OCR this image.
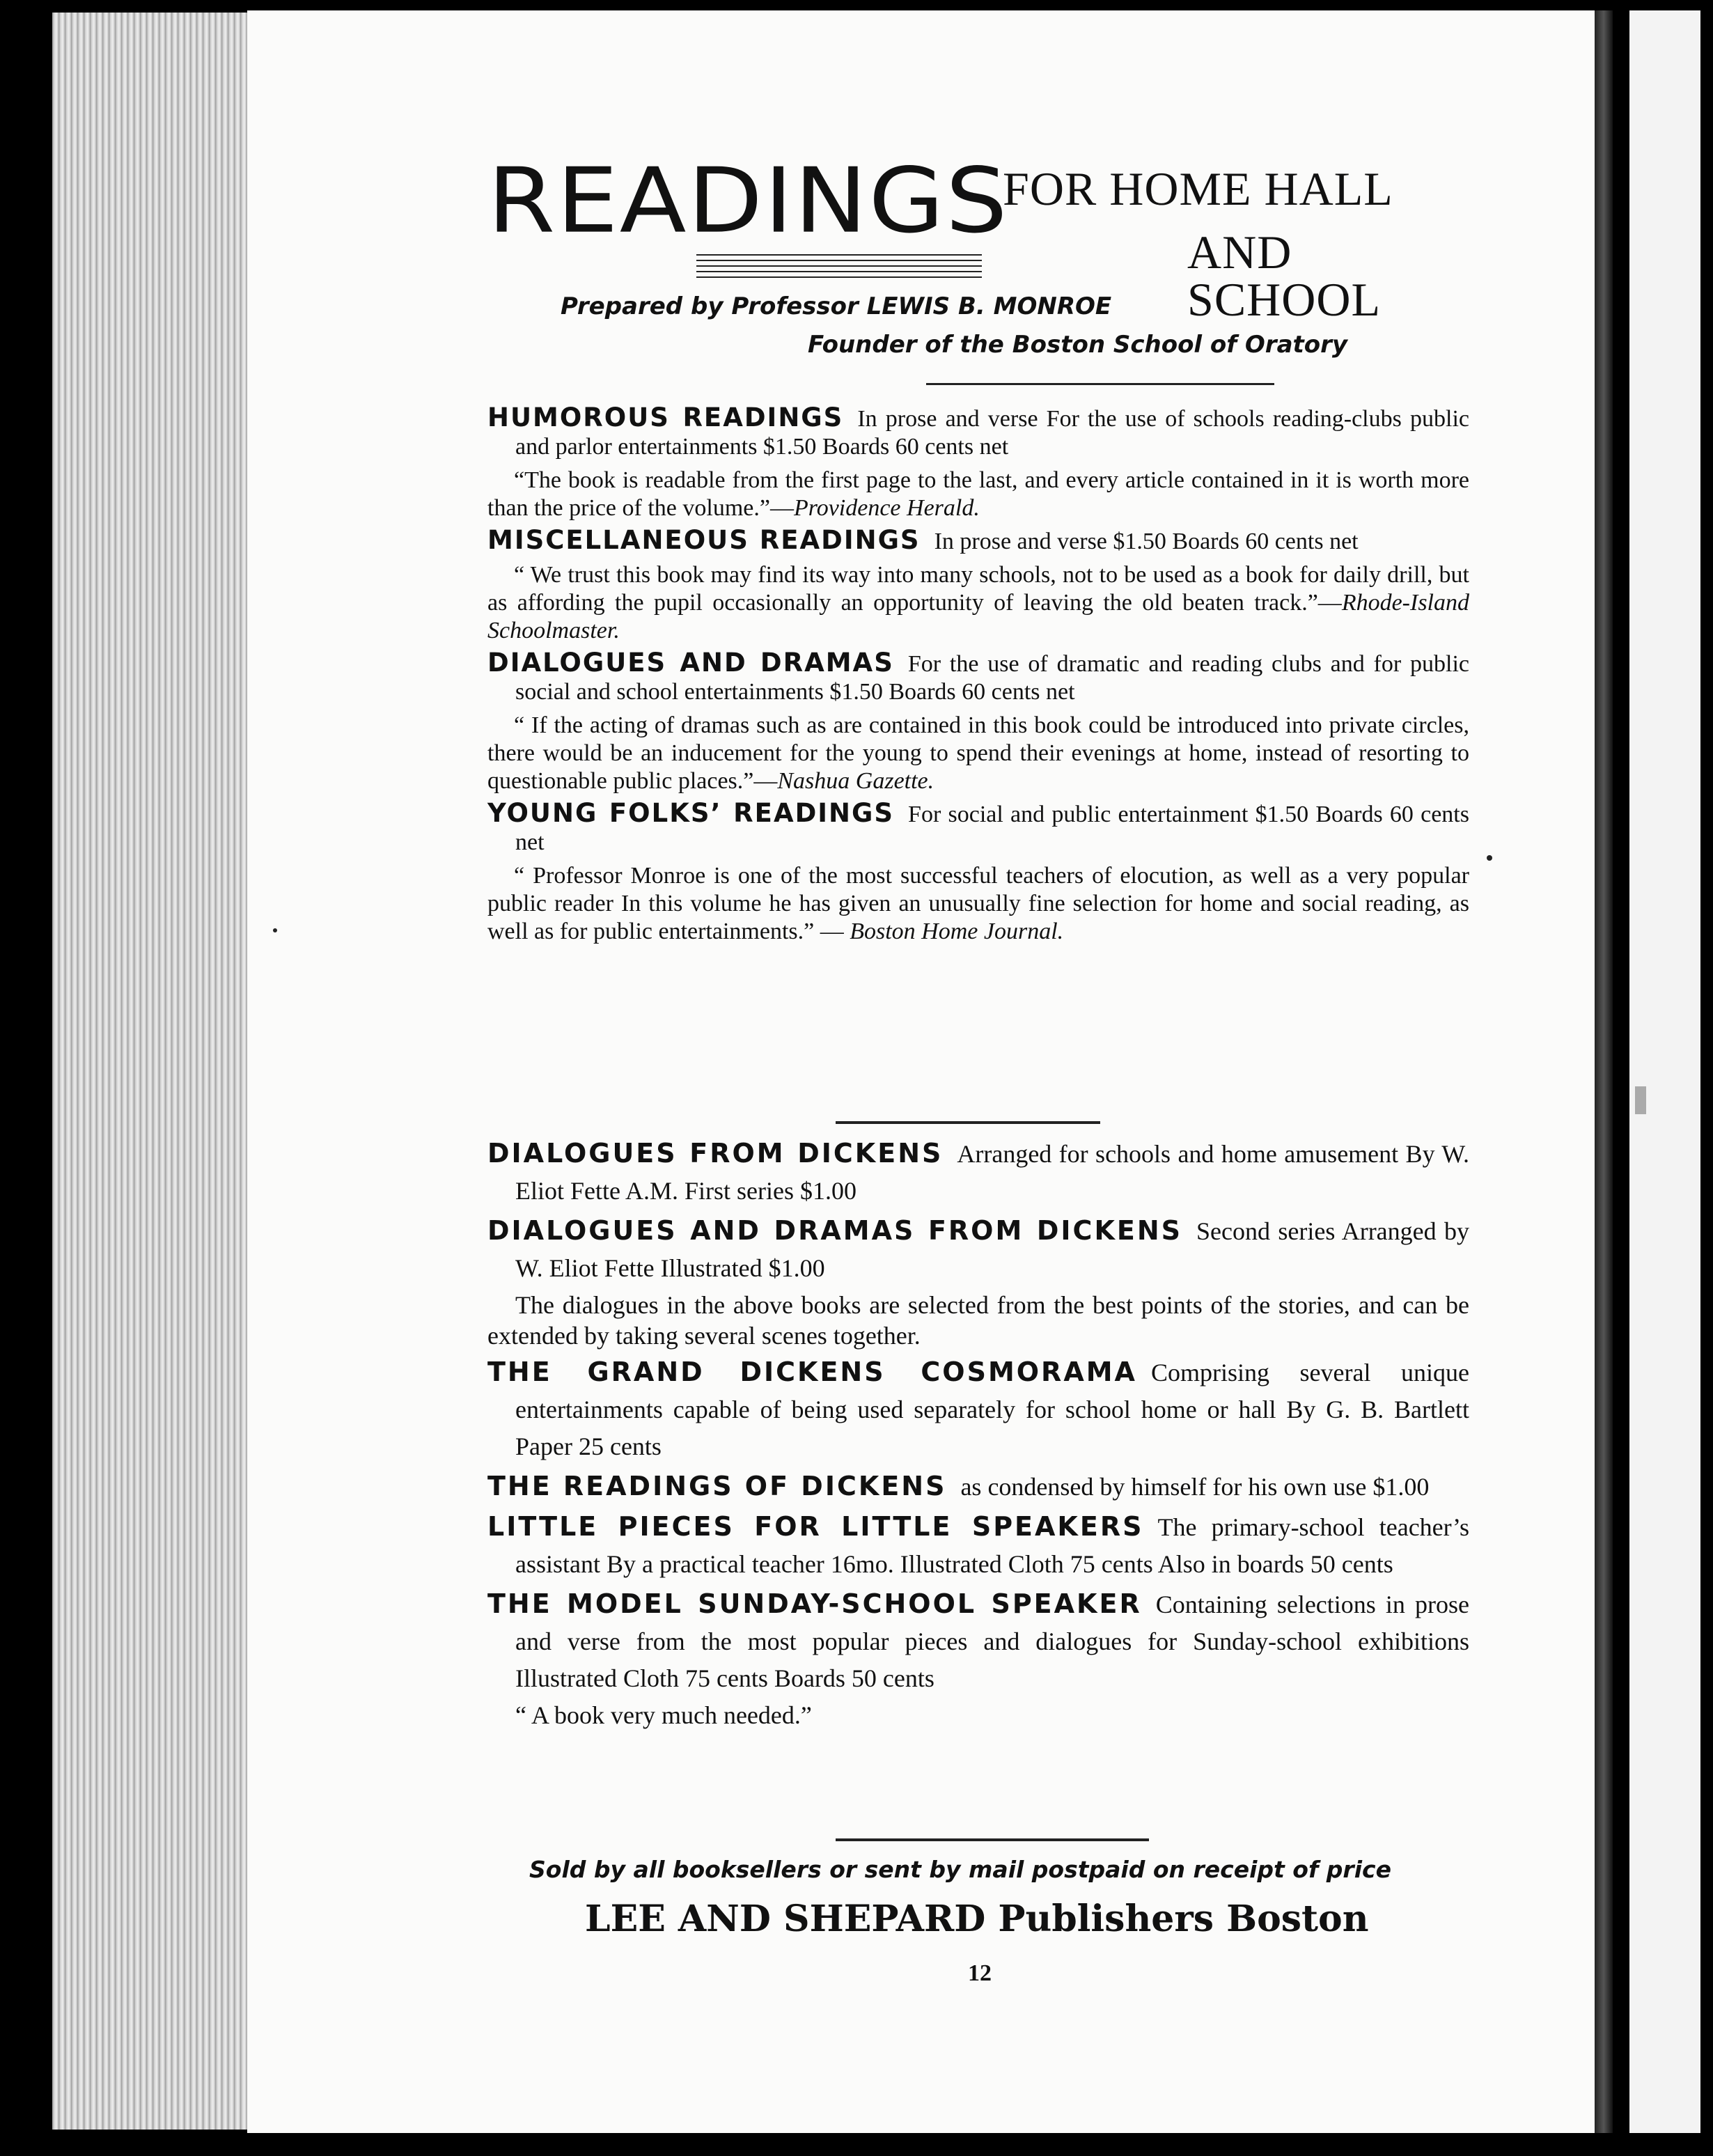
READINGS
FOR HOME HALL
AND SCHOOL
Prepared by Professor LEWIS B. MONROE
Founder of the Boston School of Oratory

HUMOROUS READINGS In prose and verse For the use of schools reading-clubs public and parlor entertainments $1.50 Boards 60 cents net

“The book is readable from the first page to the last, and every article contained in it is worth more than the price of the volume.”—Providence Herald.

MISCELLANEOUS READINGS In prose and verse $1.50 Boards 60 cents net

“ We trust this book may find its way into many schools, not to be used as a book for daily drill, but as affording the pupil occasionally an opportunity of leaving the old beaten track.”—Rhode-Island Schoolmaster.

DIALOGUES AND DRAMAS For the use of dramatic and reading clubs and for public social and school entertainments $1.50 Boards 60 cents net

“ If the acting of dramas such as are contained in this book could be introduced into private circles, there would be an inducement for the young to spend their evenings at home, instead of resorting to questionable public places.”—Nashua Gazette.

YOUNG FOLKS’ READINGS For social and public entertainment $1.50 Boards 60 cents net

“ Professor Monroe is one of the most successful teachers of elocution, as well as a very popular public reader In this volume he has given an unusually fine selection for home and social reading, as well as for public entertainments.” — Boston Home Journal.

DIALOGUES FROM DICKENS Arranged for schools and home amusement By W. Eliot Fette A.M. First series $1.00

DIALOGUES AND DRAMAS FROM DICKENS Second series Arranged by W. Eliot Fette Illustrated $1.00

The dialogues in the above books are selected from the best points of the stories, and can be extended by taking several scenes together.

THE GRAND DICKENS COSMORAMA Comprising several unique entertainments capable of being used separately for school home or hall By G. B. Bartlett Paper 25 cents

THE READINGS OF DICKENS as condensed by himself for his own use $1.00

LITTLE PIECES FOR LITTLE SPEAKERS The primary-school teacher’s assistant By a practical teacher 16mo. Illustrated Cloth 75 cents Also in boards 50 cents

THE MODEL SUNDAY-SCHOOL SPEAKER Containing selections in prose and verse from the most popular pieces and dialogues for Sunday-school exhibitions Illustrated Cloth 75 cents Boards 50 cents

“ A book very much needed.”

Sold by all booksellers or sent by mail postpaid on receipt of price
LEE AND SHEPARD Publishers Boston
12
